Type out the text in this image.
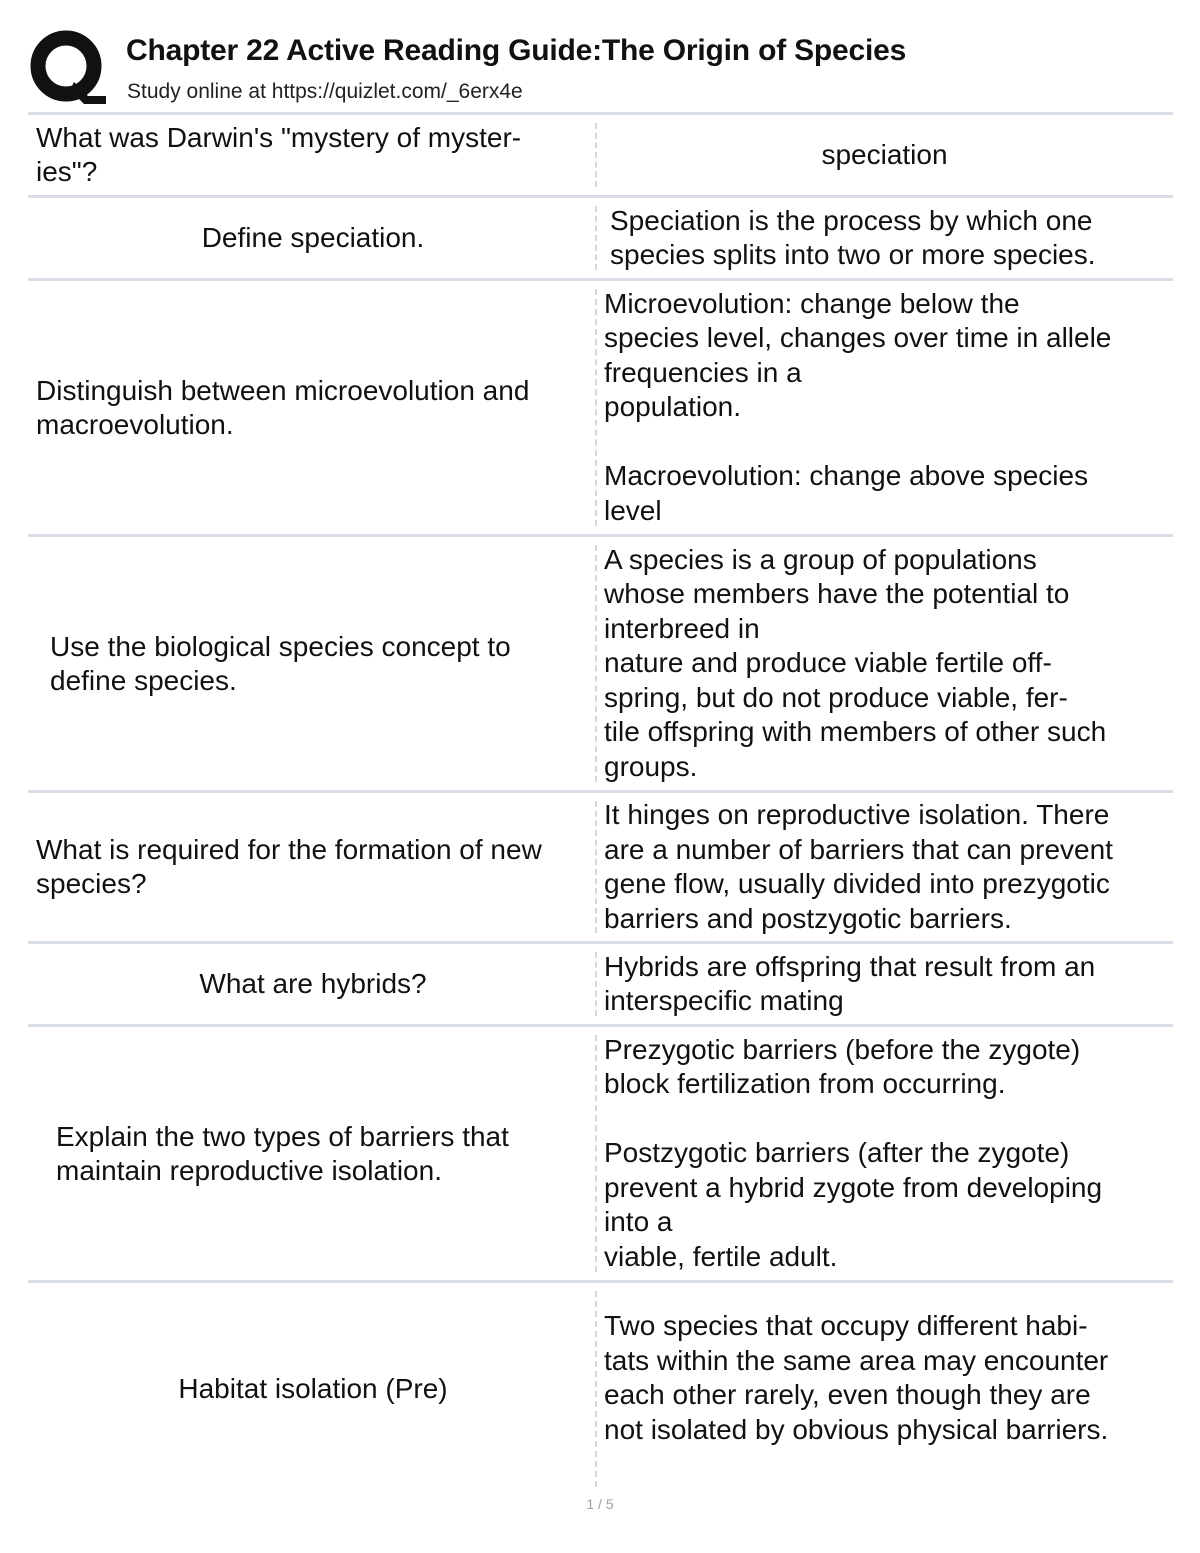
Chapter 22 Active Reading Guide:The Origin of Species
Study online at https://quizlet.com/_6erx4e
What was Darwin's "mystery of myster-
ies"?
speciation
Define speciation.
Speciation is the process by which one
species splits into two or more species.
Distinguish between microevolution and
macroevolution.
Microevolution: change below the
species level, changes over time in allele
frequencies in a
population.

Macroevolution: change above species
level
Use the biological species concept to
define species.
A species is a group of populations
whose members have the potential to
interbreed in
nature and produce viable fertile off-
spring, but do not produce viable, fer-
tile offspring with members of other such
groups.
What is required for the formation of new
species?
It hinges on reproductive isolation. There
are a number of barriers that can prevent
gene flow, usually divided into prezygotic
barriers and postzygotic barriers.
What are hybrids?
Hybrids are offspring that result from an
interspecific mating
Explain the two types of barriers that
maintain reproductive isolation.
Prezygotic barriers (before the zygote)
block fertilization from occurring.

Postzygotic barriers (after the zygote)
prevent a hybrid zygote from developing
into a
viable, fertile adult.
Habitat isolation (Pre)
Two species that occupy different habi-
tats within the same area may encounter
each other rarely, even though they are
not isolated by obvious physical barriers.
1 / 5
